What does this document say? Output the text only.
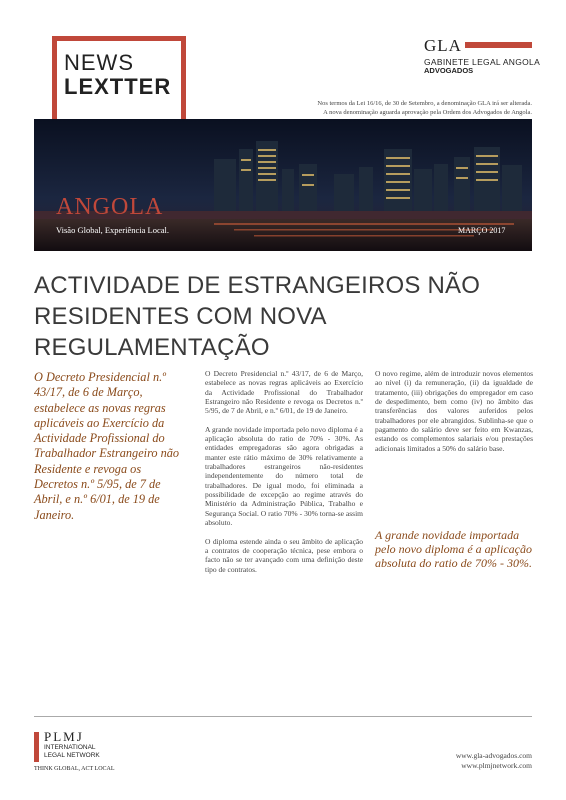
NEWS
LEXTTER
GLA
GABINETE LEGAL ANGOLA
ADVOGADOS
Nos termos da Lei 16/16, de 30 de Setembro, a denominação GLA irá ser alterada.
A nova denominação aguarda aprovação pela Ordem dos Advogados de Angola.
ANGOLA
Visão Global, Experiência Local.	MARÇO 2017
ACTIVIDADE DE ESTRANGEIROS NÃO
RESIDENTES COM NOVA REGULAMENTAÇÃO
O Decreto Presidencial n.º 43/17, de 6 de Março, estabelece as novas regras aplicáveis ao Exercício da Actividade Profissional do Trabalhador Estrangeiro não Residente e revoga os Decretos n.º 5/95, de 7 de Abril, e n.º 6/01, de 19 de Janeiro.

O Decreto Presidencial n.º 43/17, de 6 de Março, estabelece as novas regras aplicáveis ao Exercício da Actividade Profissional do Trabalhador Estrangeiro não Residente e revoga os Decretos n.º 5/95, de 7 de Abril, e n.º 6/01, de 19 de Janeiro.

A grande novidade importada pelo novo diploma é a aplicação absoluta do ratio de 70% - 30%. As entidades empregadoras são agora obrigadas a manter este rátio máximo de 30% relativamente a trabalhadores estrangeiros não-residentes independentemente do número total de trabalhadores. De igual modo, foi eliminada a possibilidade de excepção ao regime através do Ministério da Administração Pública, Trabalho e Segurança Social. O ratio 70% - 30% torna-se assim absoluto.

O diploma estende ainda o seu âmbito de aplicação a contratos de cooperação técnica, pese embora o facto não se ter avançado com uma definição deste tipo de contratos.

O novo regime, além de introduzir novos elementos ao nível (i) da remuneração, (ii) da igualdade de tratamento, (iii) obrigações do empregador em caso de despedimento, bem como (iv) no âmbito das transferências dos valores auferidos pelos trabalhadores por ele abrangidos. Sublinha-se que o pagamento do salário deve ser feito em Kwanzas, estando os complementos salariais e/ou prestações adicionais limitados a 50% do salário base.

A grande novidade importada pelo novo diploma é a aplicação absoluta do ratio de 70% - 30%.
PLMJ
INTERNATIONAL
LEGAL NETWORK
THINK GLOBAL, ACT LOCAL
www.gla-advogados.com
www.plmjnetwork.com
